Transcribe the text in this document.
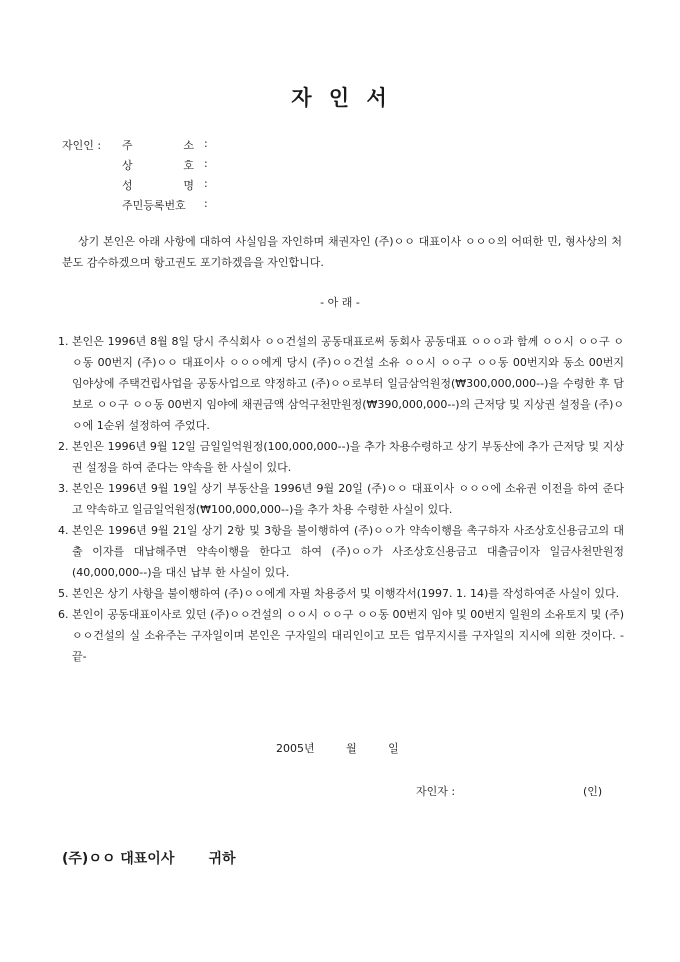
자 인 서
자인인 : 주	소 :
상	호 :
성	명 :
주민등록번호 :
상기 본인은 아래 사항에 대하여 사실임을 자인하며 채권자인 (주)ㅇㅇ 대표이사 ㅇㅇㅇ의 어떠한 민, 형사상의 처분도 감수하겠으며 항고권도 포기하겠음을 자인합니다.
- 아 래 -
1. 본인은 1996년 8월 8일 당시 주식회사 ㅇㅇ건설의 공동대표로써 동회사 공동대표 ㅇㅇㅇ과 함께 ㅇㅇ시 ㅇㅇ구 ㅇㅇ동 00번지 (주)ㅇㅇ 대표이사 ㅇㅇㅇ에게 당시 (주)ㅇㅇ건설 소유 ㅇㅇ시 ㅇㅇ구 ㅇㅇ동 00번지와 동소 00번지 임야상에 주택건립사업을 공동사업으로 약정하고 (주)ㅇㅇ로부터 일금삼억원정(₩300,000,000--)을 수령한 후 담보로 ㅇㅇ구 ㅇㅇ동 00번지 임야에 채권금액 삼억구천만원정(₩390,000,000--)의 근저당 및 지상권 설정을 (주)ㅇㅇ에 1순위 설정하여 주었다.
2. 본인은 1996년 9월 12일 금일일억원정(100,000,000--)을 추가 차용수령하고 상기 부동산에 추가 근저당 및 지상권 설정을 하여 준다는 약속을 한 사실이 있다.
3. 본인은 1996년 9월 19일 상기 부동산을 1996년 9월 20일 (주)ㅇㅇ 대표이사 ㅇㅇㅇ에 소유권 이전을 하여 준다고 약속하고 일금일억원정(₩100,000,000--)을 추가 차용 수령한 사실이 있다.
4. 본인은 1996년 9월 21일 상기 2항 및 3항을 불이행하여 (주)ㅇㅇ가 약속이행을 촉구하자 사조상호신용금고의 대출 이자를 대납해주면 약속이행을 한다고 하여 (주)ㅇㅇ가 사조상호신용금고 대출금이자 일금사천만원정(40,000,000--)을 대신 납부 한 사실이 있다.
5. 본인은 상기 사항을 불이행하여 (주)ㅇㅇ에게 자필 차용증서 및 이행각서(1997. 1. 14)를 작성하여준 사실이 있다.
6. 본인이 공동대표이사로 있던 (주)ㅇㅇ건설의 ㅇㅇ시 ㅇㅇ구 ㅇㅇ동 00번지 임야 및 00번지 일원의 소유토지 및 (주)ㅇㅇ건설의 실 소유주는 구자일이며 본인은 구자일의 대리인이고 모든 업무지시를 구자일의 지시에 의한 것이다. -끝-
2005년         월         일
자인자 :	(인)
(주)ㅇㅇ 대표이사       귀하
